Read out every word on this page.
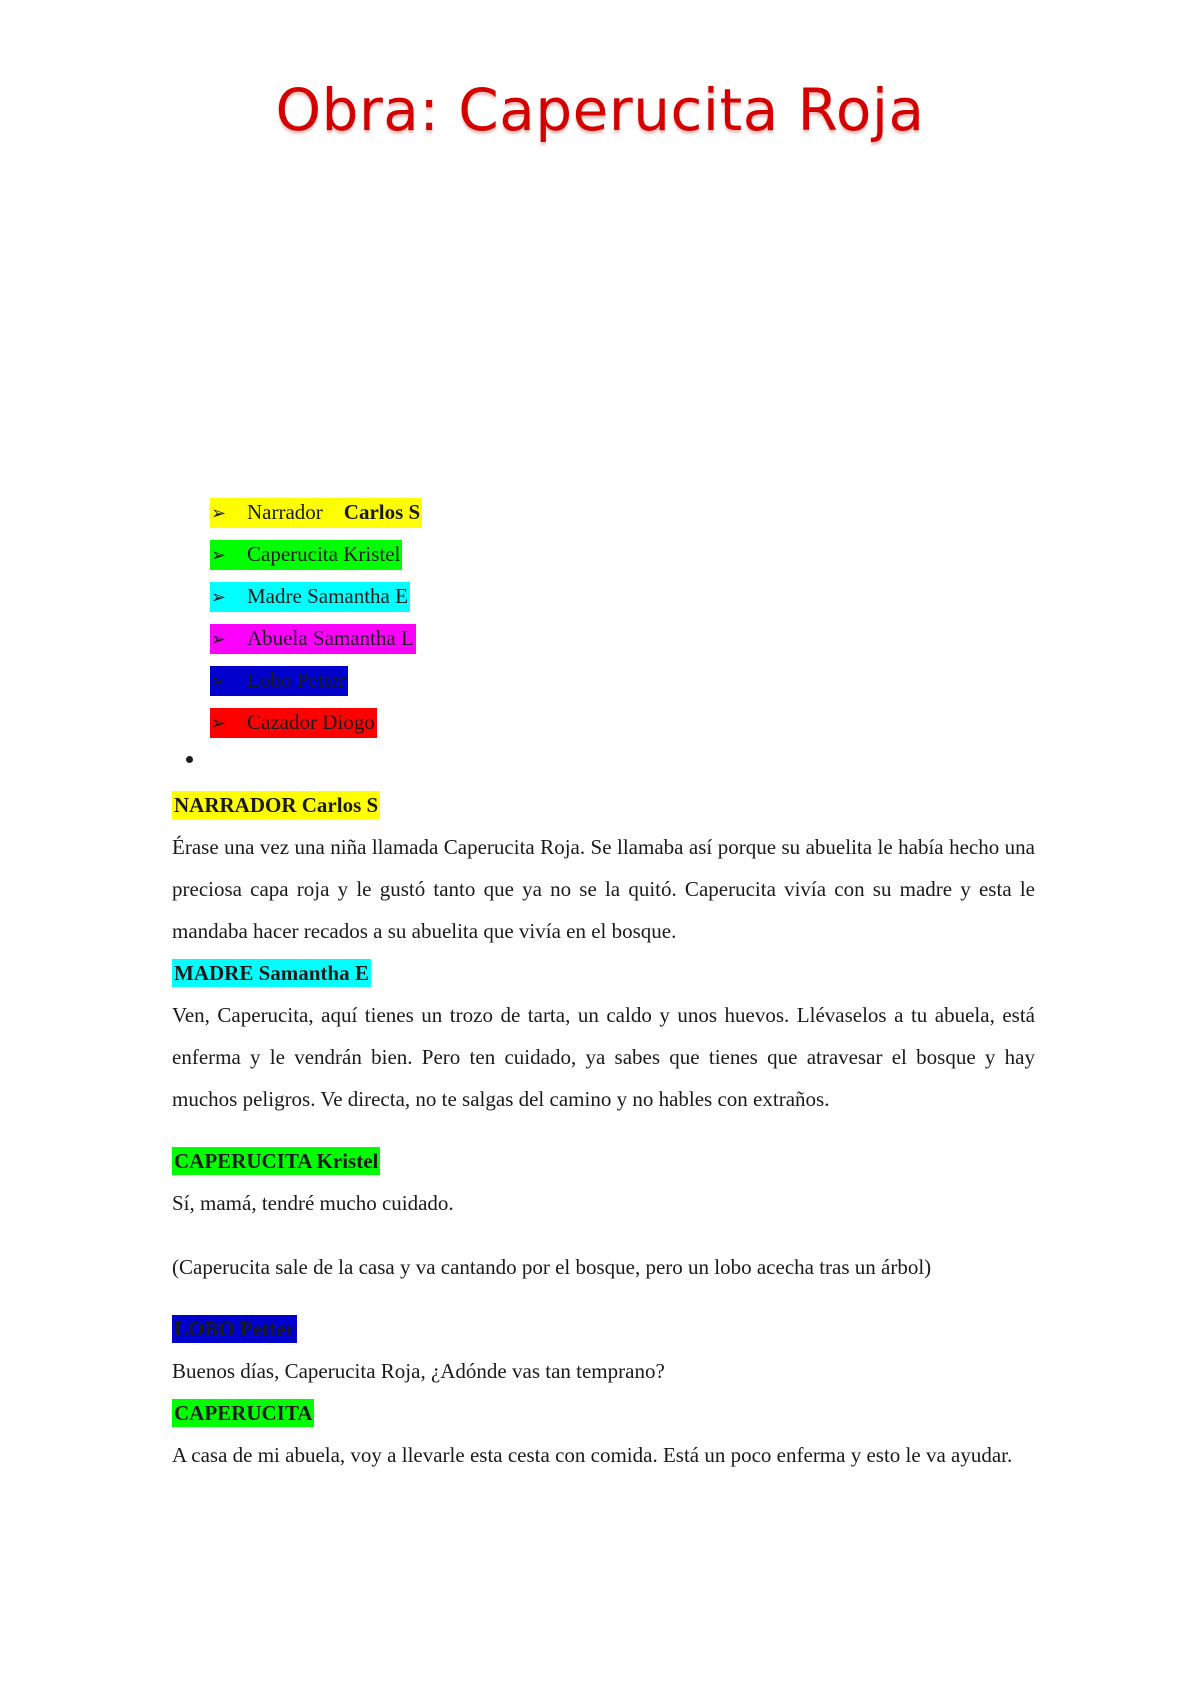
Obra: Caperucita Roja
➢ Narrador Carlos S
➢ Caperucita Kristel
➢ Madre Samantha E
➢ Abuela Samantha L
➢ Lobo Petter
➢ Cazador Diogo
NARRADOR Carlos S

Érase una vez una niña llamada Caperucita Roja. Se llamaba así porque su abuelita le había hecho una preciosa capa roja y le gustó tanto que ya no se la quitó. Caperucita vivía con su madre y esta le mandaba hacer recados a su abuelita que vivía en el bosque.

MADRE Samantha E

Ven, Caperucita, aquí tienes un trozo de tarta, un caldo y unos huevos. Llévaselos a tu abuela, está enferma y le vendrán bien. Pero ten cuidado, ya sabes que tienes que atravesar el bosque y hay muchos peligros. Ve directa, no te salgas del camino y no hables con extraños.

CAPERUCITA Kristel

Sí, mamá, tendré mucho cuidado.

(Caperucita sale de la casa y va cantando por el bosque, pero un lobo acecha tras un árbol)

LOBO Petter

Buenos días, Caperucita Roja, ¿Adónde vas tan temprano?

CAPERUCITA

A casa de mi abuela, voy a llevarle esta cesta con comida. Está un poco enferma y esto le va ayudar.
